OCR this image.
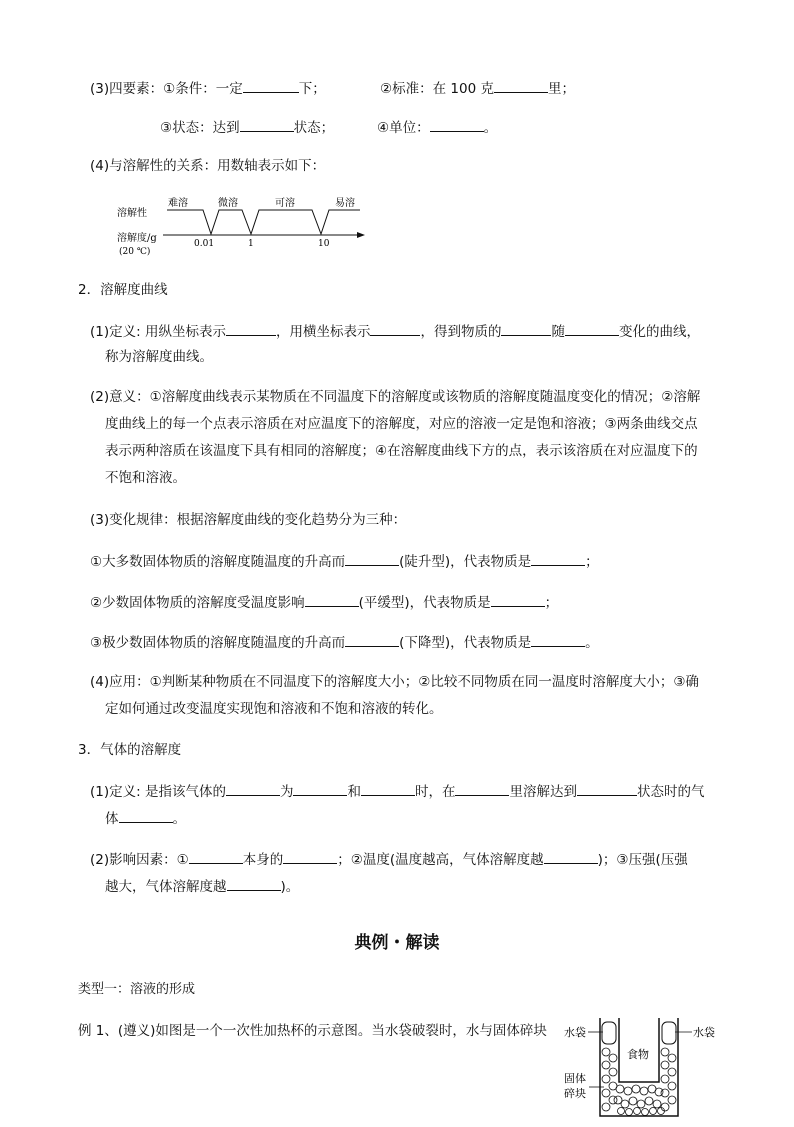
(3)四要素：①条件：一定	下；	②标准：在 100 克	里；
③状态：达到	状态；	④单位：	。
(4)与溶解性的关系：用数轴表示如下：
溶解性
溶解度/g
(20 ℃)
难溶	微溶	可溶	易溶
0.01	1	10
2．溶解度曲线
(1)定义: 用纵坐标表示	，用横坐标表示	，得到物质的	随	变化的曲线，
称为溶解度曲线。
(2)意义：①溶解度曲线表示某物质在不同温度下的溶解度或该物质的溶解度随温度变化的情况；②溶解
度曲线上的每一个点表示溶质在对应温度下的溶解度，对应的溶液一定是饱和溶液；③两条曲线交点
表示两种溶质在该温度下具有相同的溶解度；④在溶解度曲线下方的点，表示该溶质在对应温度下的
不饱和溶液。
(3)变化规律：根据溶解度曲线的变化趋势分为三种：
①大多数固体物质的溶解度随温度的升高而	(陡升型)，代表物质是	；
②少数固体物质的溶解度受温度影响	(平缓型)，代表物质是	；
③极少数固体物质的溶解度随温度的升高而	(下降型)，代表物质是	。
(4)应用：①判断某种物质在不同温度下的溶解度大小；②比较不同物质在同一温度时溶解度大小；③确
定如何通过改变温度实现饱和溶液和不饱和溶液的转化。
3．气体的溶解度
(1)定义: 是指该气体的	为	和	时，在	里溶解达到	状态时的气
体	。
(2)影响因素：①	本身的	；②温度(温度越高，气体溶解度越	)；③压强(压强
越大，气体溶解度越	)。
典例・解读
类型一：溶液的形成
例 1、(遵义)如图是一个一次性加热杯的示意图。当水袋破裂时，水与固体碎块 水袋	水袋
食物
固体
碎块
